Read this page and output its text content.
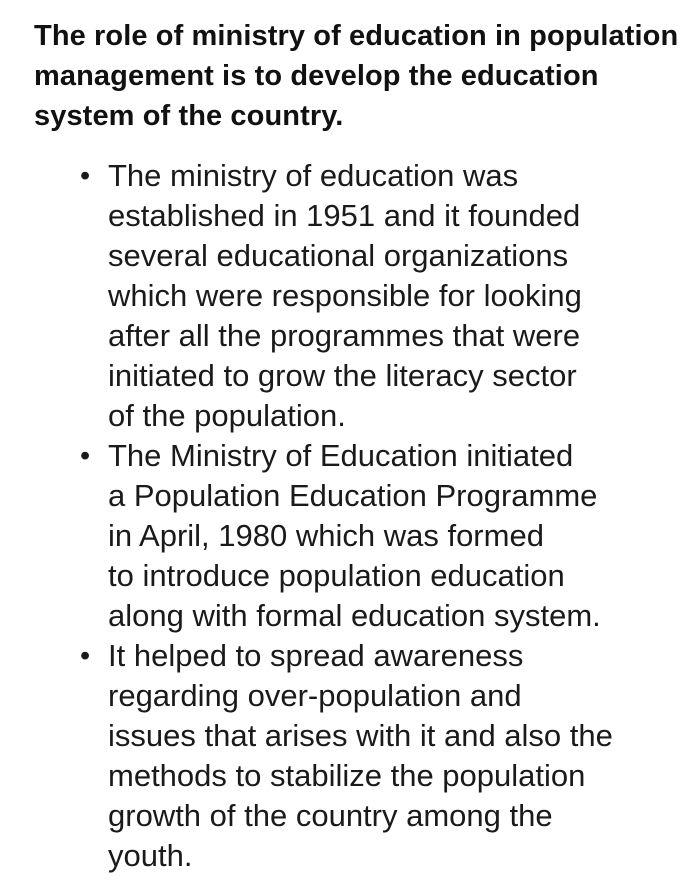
The role of ministry of education in population management is to develop the education system of the country.
• The ministry of education was
established in 1951 and it founded
several educational organizations
which were responsible for looking
after all the programmes that were
initiated to grow the literacy sector
of the population.
• The Ministry of Education initiated
a Population Education Programme
in April, 1980 which was formed
to introduce population education
along with formal education system.
• It helped to spread awareness
regarding over-population and
issues that arises with it and also the
methods to stabilize the population
growth of the country among the
youth.
